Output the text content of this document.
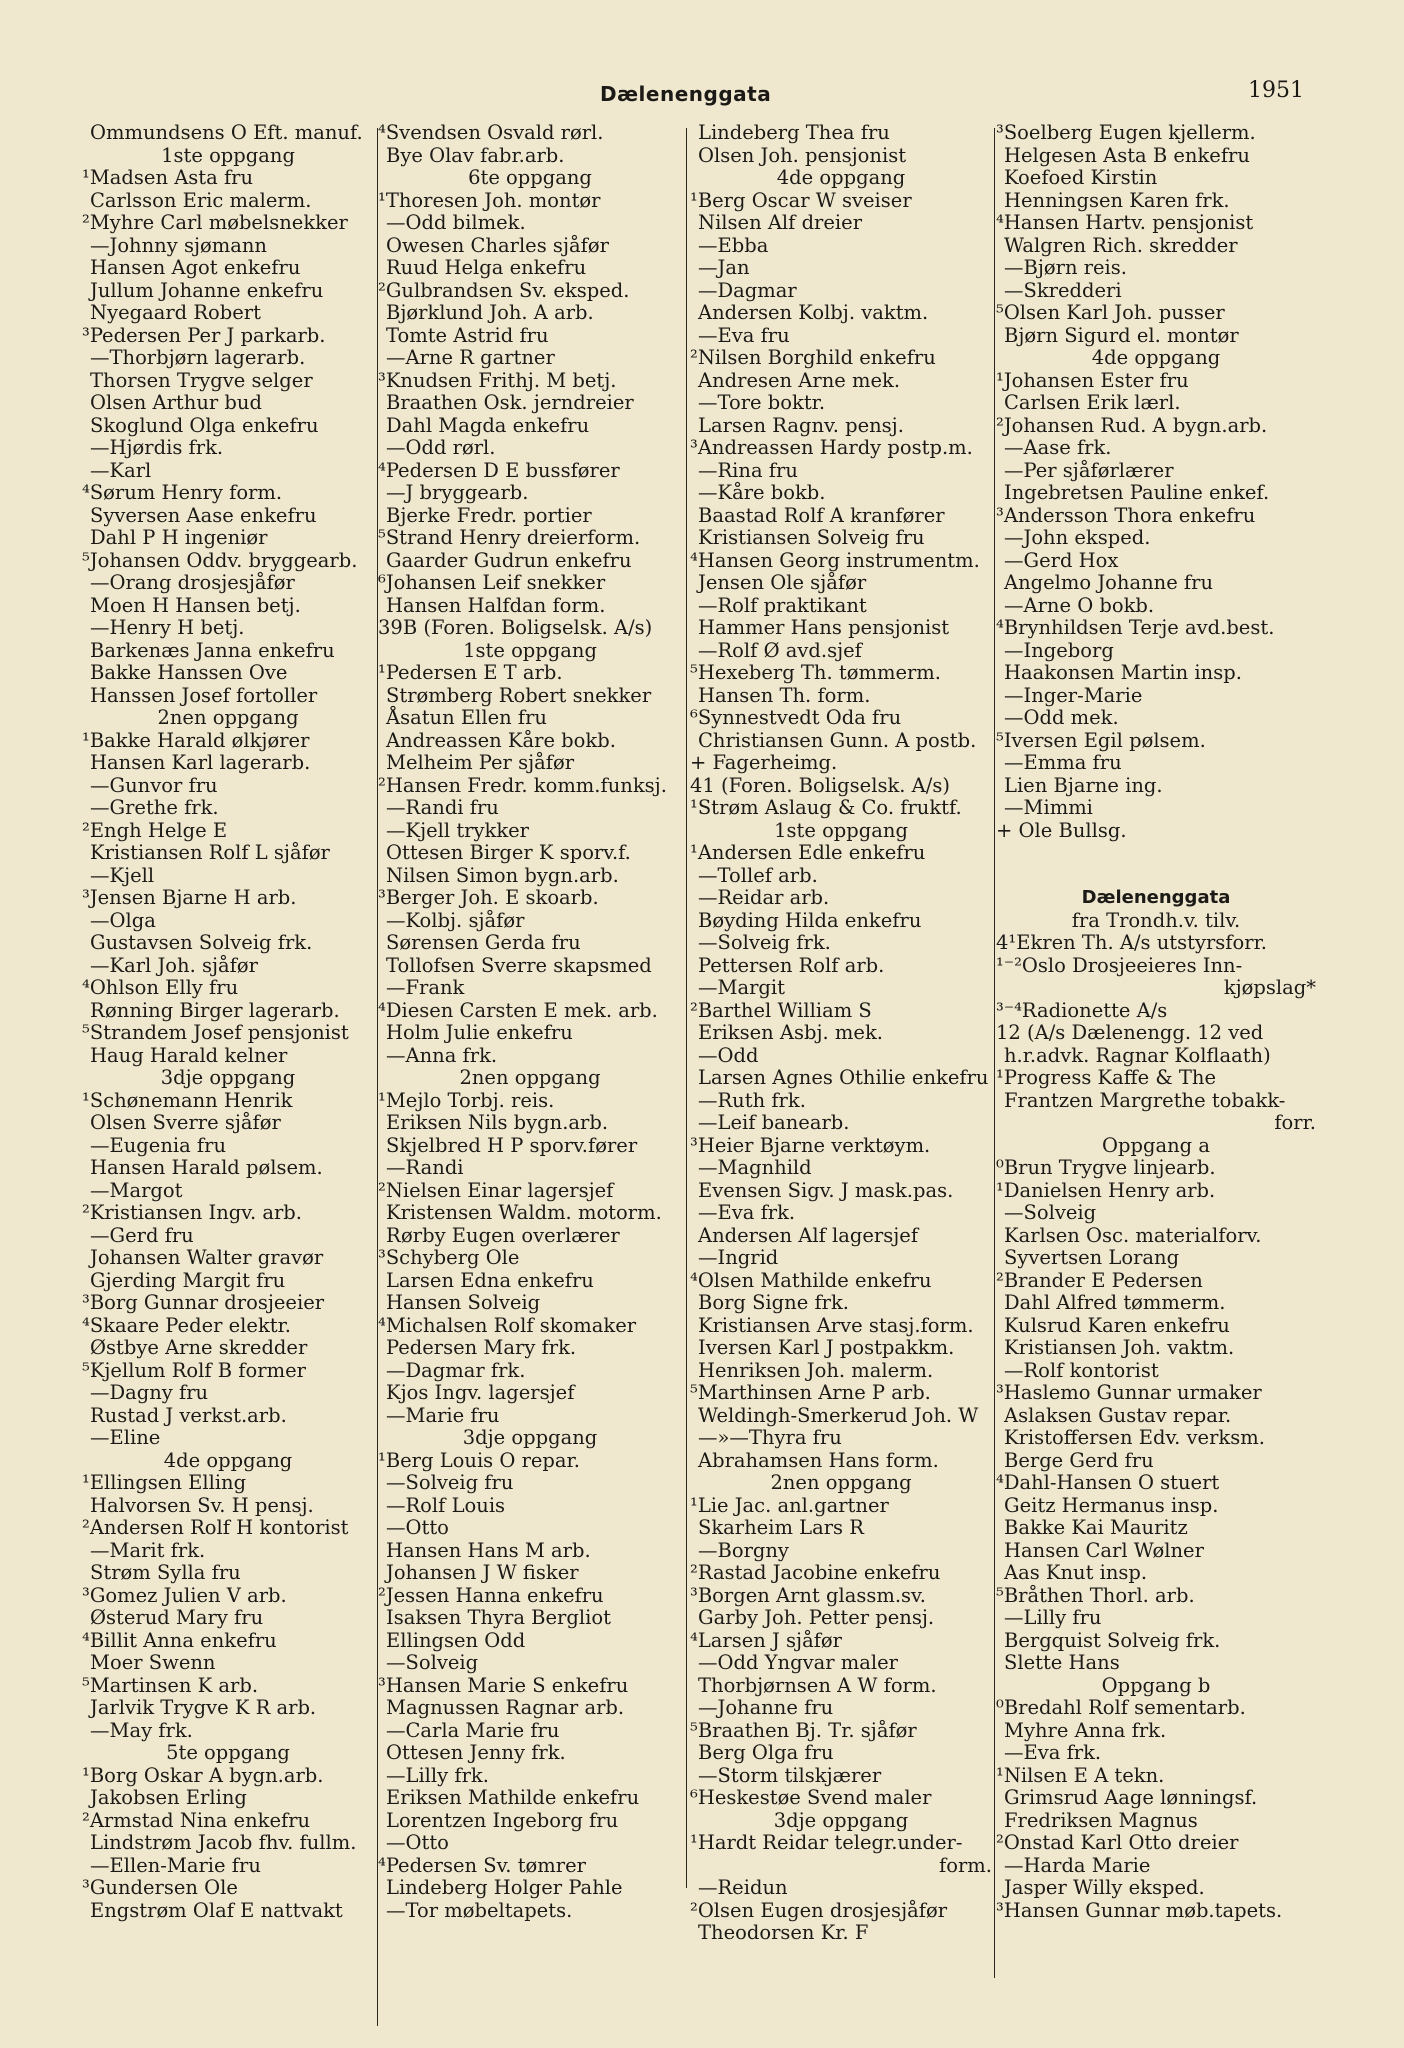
Dælenenggata	1951
Ommundsens O Eft. manuf.
1ste oppgang
¹Madsen Asta fru
Carlsson Eric malerm.
²Myhre Carl møbelsnekker
—Johnny sjømann
Hansen Agot enkefru
Jullum Johanne enkefru
Nyegaard Robert
³Pedersen Per J parkarb.
—Thorbjørn lagerarb.
Thorsen Trygve selger
Olsen Arthur bud
Skoglund Olga enkefru
—Hjørdis frk.
—Karl
⁴Sørum Henry form.
Syversen Aase enkefru
Dahl P H ingeniør
⁵Johansen Oddv. bryggearb.
—Orang drosjesjåfør
Moen H Hansen betj.
—Henry H betj.
Barkenæs Janna enkefru
Bakke Hanssen Ove
Hanssen Josef fortoller
2nen oppgang
¹Bakke Harald ølkjører
Hansen Karl lagerarb.
—Gunvor fru
—Grethe frk.
²Engh Helge E
Kristiansen Rolf L sjåfør
—Kjell
³Jensen Bjarne H arb.
—Olga
Gustavsen Solveig frk.
—Karl Joh. sjåfør
⁴Ohlson Elly fru
Rønning Birger lagerarb.
⁵Strandem Josef pensjonist
Haug Harald kelner
3dje oppgang
¹Schønemann Henrik
Olsen Sverre sjåfør
—Eugenia fru
Hansen Harald pølsem.
—Margot
²Kristiansen Ingv. arb.
—Gerd fru
Johansen Walter gravør
Gjerding Margit fru
³Borg Gunnar drosjeeier
⁴Skaare Peder elektr.
Østbye Arne skredder
⁵Kjellum Rolf B former
—Dagny fru
Rustad J verkst.arb.
—Eline
4de oppgang
¹Ellingsen Elling
Halvorsen Sv. H pensj.
²Andersen Rolf H kontorist
—Marit frk.
Strøm Sylla fru
³Gomez Julien V arb.
Østerud Mary fru
⁴Billit Anna enkefru
Moer Swenn
⁵Martinsen K arb.
Jarlvik Trygve K R arb.
—May frk.
5te oppgang
¹Borg Oskar A bygn.arb.
Jakobsen Erling
²Armstad Nina enkefru
Lindstrøm Jacob fhv. fullm.
—Ellen-Marie fru
³Gundersen Ole
Engstrøm Olaf E nattvakt
⁴Svendsen Osvald rørl.
Bye Olav fabr.arb.
6te oppgang
¹Thoresen Joh. montør
—Odd bilmek.
Owesen Charles sjåfør
Ruud Helga enkefru
²Gulbrandsen Sv. eksped.
Bjørklund Joh. A arb.
Tomte Astrid fru
—Arne R gartner
³Knudsen Frithj. M betj.
Braathen Osk. jerndreier
Dahl Magda enkefru
—Odd rørl.
⁴Pedersen D E bussfører
—J bryggearb.
Bjerke Fredr. portier
⁵Strand Henry dreierform.
Gaarder Gudrun enkefru
⁶Johansen Leif snekker
Hansen Halfdan form.
39B (Foren. Boligselsk. A/s)
1ste oppgang
¹Pedersen E T arb.
Strømberg Robert snekker
Åsatun Ellen fru
Andreassen Kåre bokb.
Melheim Per sjåfør
²Hansen Fredr. komm.funksj.
—Randi fru
—Kjell trykker
Ottesen Birger K sporv.f.
Nilsen Simon bygn.arb.
³Berger Joh. E skoarb.
—Kolbj. sjåfør
Sørensen Gerda fru
Tollofsen Sverre skapsmed
—Frank
⁴Diesen Carsten E mek. arb.
Holm Julie enkefru
—Anna frk.
2nen oppgang
¹Mejlo Torbj. reis.
Eriksen Nils bygn.arb.
Skjelbred H P sporv.fører
—Randi
²Nielsen Einar lagersjef
Kristensen Waldm. motorm.
Rørby Eugen overlærer
³Schyberg Ole
Larsen Edna enkefru
Hansen Solveig
⁴Michalsen Rolf skomaker
Pedersen Mary frk.
—Dagmar frk.
Kjos Ingv. lagersjef
—Marie fru
3dje oppgang
¹Berg Louis O repar.
—Solveig fru
—Rolf Louis
—Otto
Hansen Hans M arb.
Johansen J W fisker
²Jessen Hanna enkefru
Isaksen Thyra Bergliot
Ellingsen Odd
—Solveig
³Hansen Marie S enkefru
Magnussen Ragnar arb.
—Carla Marie fru
Ottesen Jenny frk.
—Lilly frk.
Eriksen Mathilde enkefru
Lorentzen Ingeborg fru
—Otto
⁴Pedersen Sv. tømrer
Lindeberg Holger Pahle
—Tor møbeltapets.
Lindeberg Thea fru
Olsen Joh. pensjonist
4de oppgang
¹Berg Oscar W sveiser
Nilsen Alf dreier
—Ebba
—Jan
—Dagmar
Andersen Kolbj. vaktm.
—Eva fru
²Nilsen Borghild enkefru
Andresen Arne mek.
—Tore boktr.
Larsen Ragnv. pensj.
³Andreassen Hardy postp.m.
—Rina fru
—Kåre bokb.
Baastad Rolf A kranfører
Kristiansen Solveig fru
⁴Hansen Georg instrumentm.
Jensen Ole sjåfør
—Rolf praktikant
Hammer Hans pensjonist
—Rolf Ø avd.sjef
⁵Hexeberg Th. tømmerm.
Hansen Th. form.
⁶Synnestvedt Oda fru
Christiansen Gunn. A postb.
+ Fagerheimg.
41 (Foren. Boligselsk. A/s)
¹Strøm Aslaug & Co. fruktf.
1ste oppgang
¹Andersen Edle enkefru
—Tollef arb.
—Reidar arb.
Bøyding Hilda enkefru
—Solveig frk.
Pettersen Rolf arb.
—Margit
²Barthel William S
Eriksen Asbj. mek.
—Odd
Larsen Agnes Othilie enkefru
—Ruth frk.
—Leif banearb.
³Heier Bjarne verktøym.
—Magnhild
Evensen Sigv. J mask.pas.
—Eva frk.
Andersen Alf lagersjef
—Ingrid
⁴Olsen Mathilde enkefru
Borg Signe frk.
Kristiansen Arve stasj.form.
Iversen Karl J postpakkm.
Henriksen Joh. malerm.
⁵Marthinsen Arne P arb.
Weldingh-Smerkerud Joh. W
—»—Thyra fru
Abrahamsen Hans form.
2nen oppgang
¹Lie Jac. anl.gartner
Skarheim Lars R
—Borgny
²Rastad Jacobine enkefru
³Borgen Arnt glassm.sv.
Garby Joh. Petter pensj.
⁴Larsen J sjåfør
—Odd Yngvar maler
Thorbjørnsen A W form.
—Johanne fru
⁵Braathen Bj. Tr. sjåfør
Berg Olga fru
—Storm tilskjærer
⁶Heskestøe Svend maler
3dje oppgang
¹Hardt Reidar telegr.under-
form.
—Reidun
²Olsen Eugen drosjesjåfør
Theodorsen Kr. F
³Soelberg Eugen kjellerm.
Helgesen Asta B enkefru
Koefoed Kirstin
Henningsen Karen frk.
⁴Hansen Hartv. pensjonist
Walgren Rich. skredder
—Bjørn reis.
—Skredderi
⁵Olsen Karl Joh. pusser
Bjørn Sigurd el. montør
4de oppgang
¹Johansen Ester fru
Carlsen Erik lærl.
²Johansen Rud. A bygn.arb.
—Aase frk.
—Per sjåførlærer
Ingebretsen Pauline enkef.
³Andersson Thora enkefru
—John eksped.
—Gerd Hox
Angelmo Johanne fru
—Arne O bokb.
⁴Brynhildsen Terje avd.best.
—Ingeborg
Haakonsen Martin insp.
—Inger-Marie
—Odd mek.
⁵Iversen Egil pølsem.
—Emma fru
Lien Bjarne ing.
—Mimmi
+ Ole Bullsg.
Dælenenggata
fra Trondh.v. tilv.
4¹Ekren Th. A/s utstyrsforr.
¹⁻²Oslo Drosjeeieres Inn-
kjøpslag*
³⁻⁴Radionette A/s
12 (A/s Dælenengg. 12 ved
h.r.advk. Ragnar Kolflaath)
¹Progress Kaffe & The
Frantzen Margrethe tobakk-
forr.
Oppgang a
⁰Brun Trygve linjearb.
¹Danielsen Henry arb.
—Solveig
Karlsen Osc. materialforv.
Syvertsen Lorang
²Brander E Pedersen
Dahl Alfred tømmerm.
Kulsrud Karen enkefru
Kristiansen Joh. vaktm.
—Rolf kontorist
³Haslemo Gunnar urmaker
Aslaksen Gustav repar.
Kristoffersen Edv. verksm.
Berge Gerd fru
⁴Dahl-Hansen O stuert
Geitz Hermanus insp.
Bakke Kai Mauritz
Hansen Carl Wølner
Aas Knut insp.
⁵Bråthen Thorl. arb.
—Lilly fru
Bergquist Solveig frk.
Slette Hans
Oppgang b
⁰Bredahl Rolf sementarb.
Myhre Anna frk.
—Eva frk.
¹Nilsen E A tekn.
Grimsrud Aage lønningsf.
Fredriksen Magnus
²Onstad Karl Otto dreier
—Harda Marie
Jasper Willy eksped.
³Hansen Gunnar møb.tapets.
